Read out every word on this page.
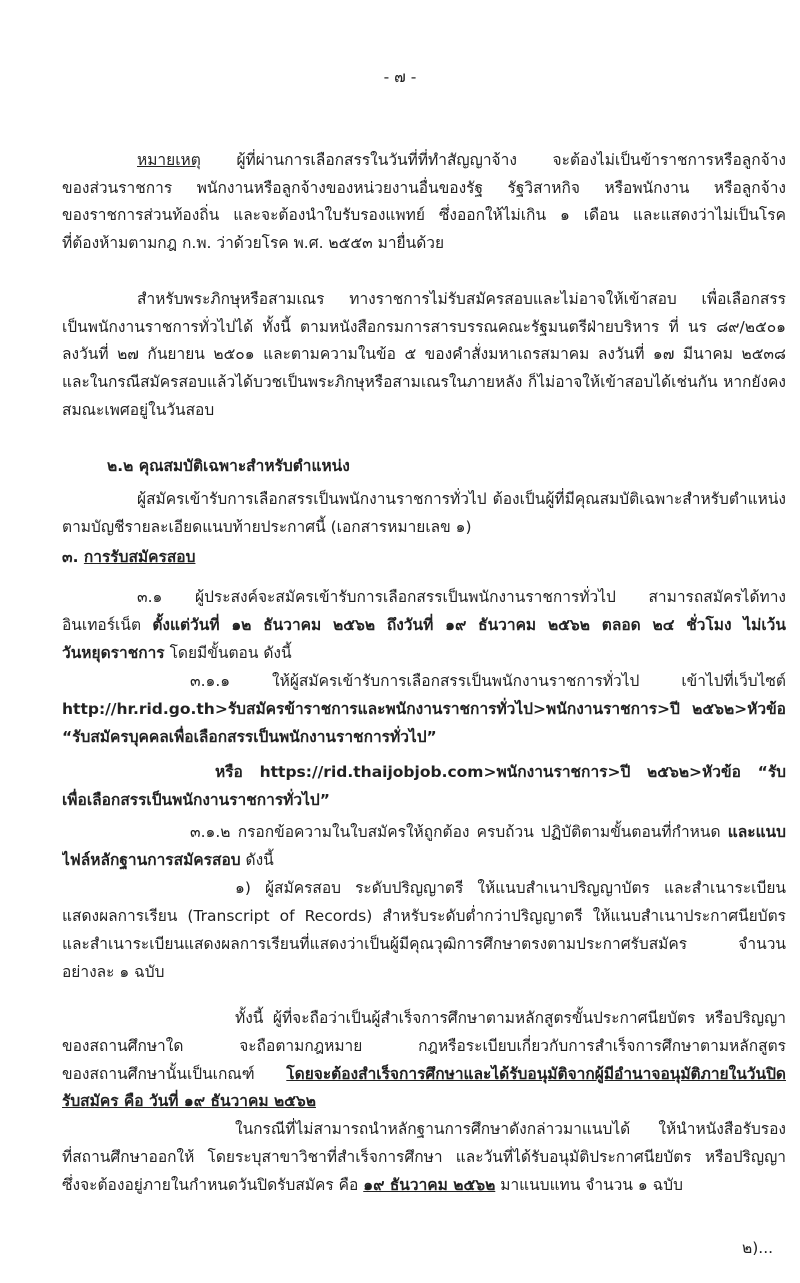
- ๗ -
หมายเหตุ ผู้ที่ผ่านการเลือกสรรในวันที่ที่ทำสัญญาจ้าง จะต้องไม่เป็นข้าราชการหรือลูกจ้าง
ของส่วนราชการ พนักงานหรือลูกจ้างของหน่วยงานอื่นของรัฐ รัฐวิสาหกิจ หรือพนักงาน หรือลูกจ้าง
ของราชการส่วนท้องถิ่น และจะต้องนำใบรับรองแพทย์ ซึ่งออกให้ไม่เกิน ๑ เดือน และแสดงว่าไม่เป็นโรค
ที่ต้องห้ามตามกฎ ก.พ. ว่าด้วยโรค พ.ศ. ๒๕๕๓ มายื่นด้วย
สำหรับพระภิกษุหรือสามเณร ทางราชการไม่รับสมัครสอบและไม่อาจให้เข้าสอบ เพื่อเลือกสรร
เป็นพนักงานราชการทั่วไปได้ ทั้งนี้ ตามหนังสือกรมการสารบรรณคณะรัฐมนตรีฝ่ายบริหาร ที่ นร ๘๙/๒๕๐๑
ลงวันที่ ๒๗ กันยายน ๒๕๐๑ และตามความในข้อ ๕ ของคำสั่งมหาเถรสมาคม ลงวันที่ ๑๗ มีนาคม ๒๕๓๘
และในกรณีสมัครสอบแล้วได้บวชเป็นพระภิกษุหรือสามเณรในภายหลัง ก็ไม่อาจให้เข้าสอบได้เช่นกัน หากยังคง
สมณะเพศอยู่ในวันสอบ
๒.๒ คุณสมบัติเฉพาะสำหรับตำแหน่ง
ผู้สมัครเข้ารับการเลือกสรรเป็นพนักงานราชการทั่วไป ต้องเป็นผู้ที่มีคุณสมบัติเฉพาะสำหรับตำแหน่ง
ตามบัญชีรายละเอียดแนบท้ายประกาศนี้ (เอกสารหมายเลข ๑)
๓. การรับสมัครสอบ
๓.๑ ผู้ประสงค์จะสมัครเข้ารับการเลือกสรรเป็นพนักงานราชการทั่วไป สามารถสมัครได้ทาง
อินเทอร์เน็ต ตั้งแต่วันที่ ๑๒ ธันวาคม ๒๕๖๒ ถึงวันที่ ๑๙ ธันวาคม ๒๕๖๒ ตลอด ๒๔ ชั่วโมง ไม่เว้น
วันหยุดราชการ โดยมีขั้นตอน ดังนี้
๓.๑.๑ ให้ผู้สมัครเข้ารับการเลือกสรรเป็นพนักงานราชการทั่วไป เข้าไปที่เว็บไซต์
http://hr.rid.go.th>รับสมัครข้าราชการและพนักงานราชการทั่วไป>พนักงานราชการ>ปี ๒๕๖๒>หัวข้อ
“รับสมัครบุคคลเพื่อเลือกสรรเป็นพนักงานราชการทั่วไป”
หรือ https://rid.thaijobjob.com>พนักงานราชการ>ปี ๒๕๖๒>หัวข้อ “รับ
เพื่อเลือกสรรเป็นพนักงานราชการทั่วไป”
๓.๑.๒ กรอกข้อความในใบสมัครให้ถูกต้อง ครบถ้วน ปฏิบัติตามขั้นตอนที่กำหนด และแนบ
ไฟล์หลักฐานการสมัครสอบ ดังนี้
๑) ผู้สมัครสอบ ระดับปริญญาตรี ให้แนบสำเนาปริญญาบัตร และสำเนาระเบียน
แสดงผลการเรียน (Transcript of Records) สำหรับระดับต่ำกว่าปริญญาตรี ให้แนบสำเนาประกาศนียบัตร
และสำเนาระเบียนแสดงผลการเรียนที่แสดงว่าเป็นผู้มีคุณวุฒิการศึกษาตรงตามประกาศรับสมัคร จำนวน
อย่างละ ๑ ฉบับ
ทั้งนี้ ผู้ที่จะถือว่าเป็นผู้สำเร็จการศึกษาตามหลักสูตรขั้นประกาศนียบัตร หรือปริญญา
ของสถานศึกษาใด จะถือตามกฎหมาย กฎหรือระเบียบเกี่ยวกับการสำเร็จการศึกษาตามหลักสูตร
ของสถานศึกษานั้นเป็นเกณฑ์ โดยจะต้องสำเร็จการศึกษาและได้รับอนุมัติจากผู้มีอำนาจอนุมัติภายในวันปิด
รับสมัคร คือ วันที่ ๑๙ ธันวาคม ๒๕๖๒
ในกรณีที่ไม่สามารถนำหลักฐานการศึกษาดังกล่าวมาแนบได้ ให้นำหนังสือรับรอง
ที่สถานศึกษาออกให้ โดยระบุสาขาวิชาที่สำเร็จการศึกษา และวันที่ได้รับอนุมัติประกาศนียบัตร หรือปริญญา
ซึ่งจะต้องอยู่ภายในกำหนดวันปิดรับสมัคร คือ ๑๙ ธันวาคม ๒๕๖๒ มาแนบแทน จำนวน ๑ ฉบับ
๒)...
